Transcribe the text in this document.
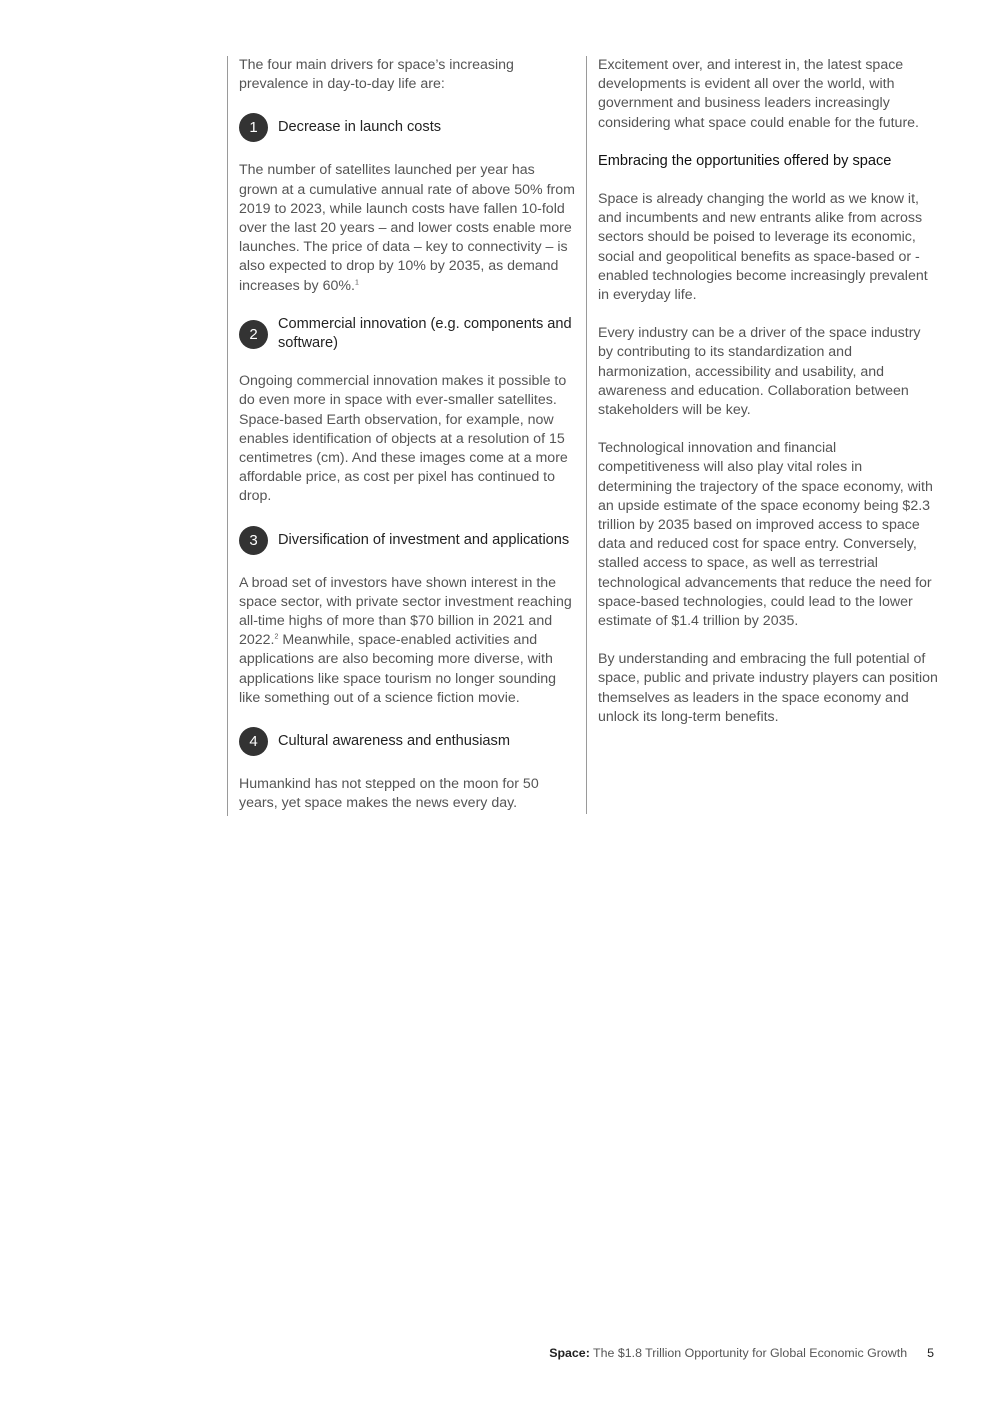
The four main drivers for space’s increasing prevalence in day-to-day life are:

1	Decrease in launch costs

The number of satellites launched per year has grown at a cumulative annual rate of above 50% from 2019 to 2023, while launch costs have fallen 10-fold over the last 20 years – and lower costs enable more launches. The price of data – key to connectivity – is also expected to drop by 10% by 2035, as demand increases by 60%.$^1$

2
Commercial innovation (e.g. components and software)

Ongoing commercial innovation makes it possible to do even more in space with ever-smaller satellites. Space-based Earth observation, for example, now enables identification of objects at a resolution of 15 centimetres (cm). And these images come at a more affordable price, as cost per pixel has continued to drop.

3	Diversification of investment and applications

A broad set of investors have shown interest in the space sector, with private sector investment reaching all-time highs of more than $70 billion in 2021 and 2022.$^2$ Meanwhile, space-enabled activities and applications are also becoming more diverse, with applications like space tourism no longer sounding like something out of a science fiction movie.

4	Cultural awareness and enthusiasm

Humankind has not stepped on the moon for 50 years, yet space makes the news every day.

Excitement over, and interest in, the latest space developments is evident all over the world, with government and business leaders increasingly considering what space could enable for the future.

Embracing the opportunities offered by space

Space is already changing the world as we know it, and incumbents and new entrants alike from across sectors should be poised to leverage its economic, social and geopolitical benefits as space-based or -enabled technologies become increasingly prevalent in everyday life.

Every industry can be a driver of the space industry by contributing to its standardization and harmonization, accessibility and usability, and awareness and education. Collaboration between stakeholders will be key.

Technological innovation and financial competitiveness will also play vital roles in determining the trajectory of the space economy, with an upside estimate of the space economy being $2.3 trillion by 2035 based on improved access to space data and reduced cost for space entry. Conversely, stalled access to space, as well as terrestrial technological advancements that reduce the need for space-based technologies, could lead to the lower estimate of $1.4 trillion by 2035.

By understanding and embracing the full potential of space, public and private industry players can position themselves as leaders in the space economy and unlock its long-term benefits.

Space: The $1.8 Trillion Opportunity for Global Economic Growth 5
